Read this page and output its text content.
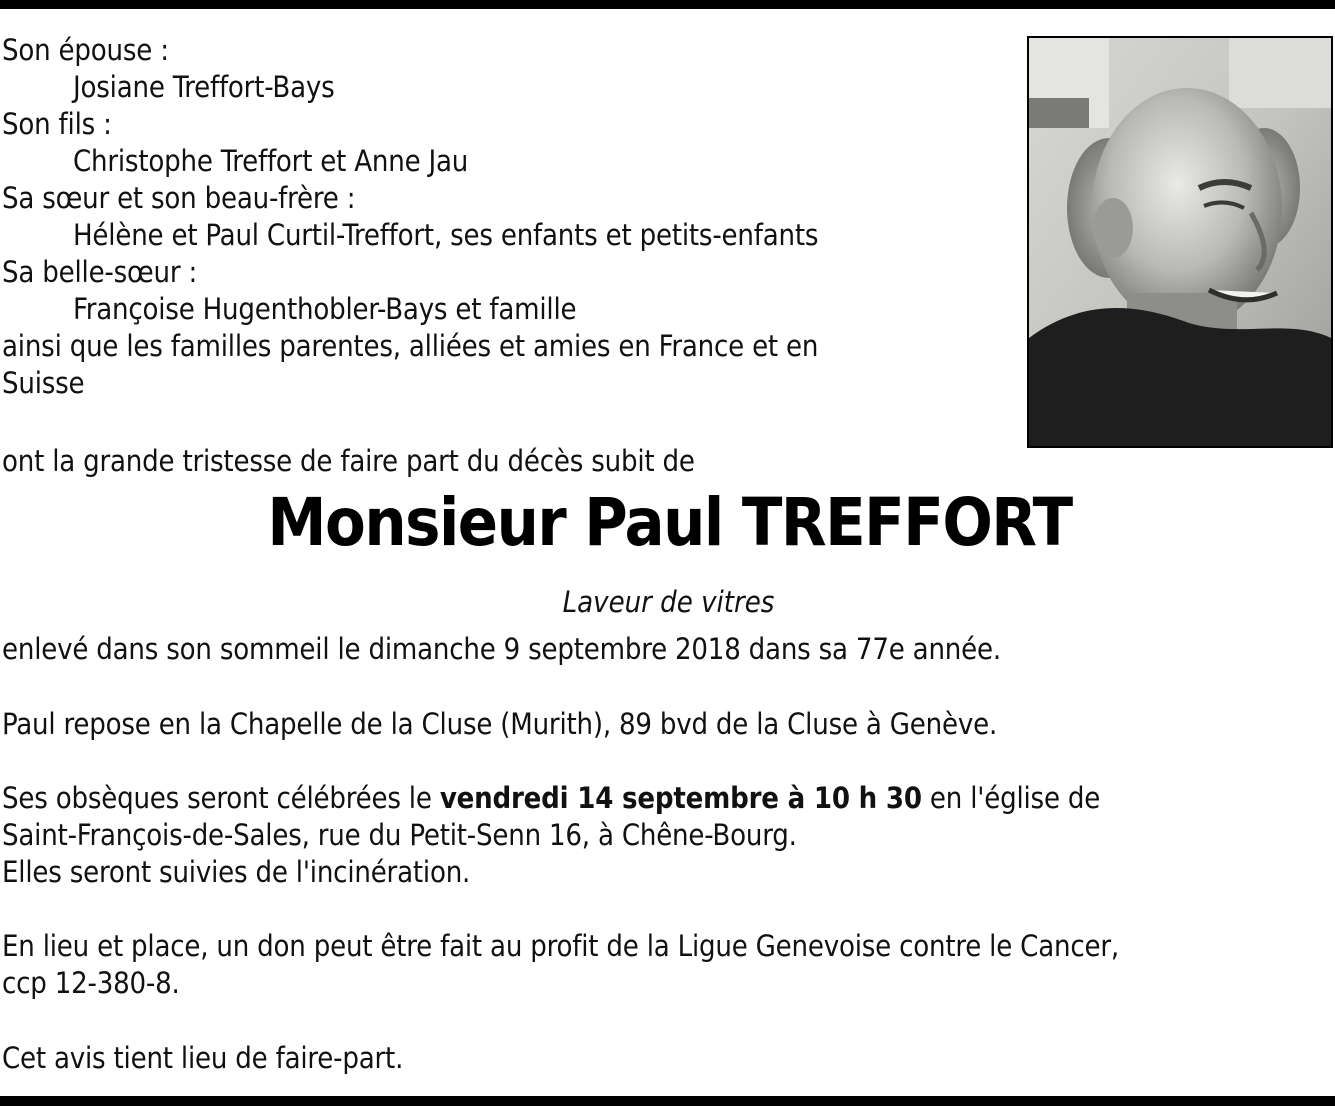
Son épouse :
Josiane Treffort-Bays
Son fils :
Christophe Treffort et Anne Jau
Sa sœur et son beau-frère :
Hélène et Paul Curtil-Treffort, ses enfants et petits-enfants
Sa belle-sœur :
Françoise Hugenthobler-Bays et famille
ainsi que les familles parentes, alliées et amies en France et en
Suisse
ont la grande tristesse de faire part du décès subit de
Monsieur Paul TREFFORT
Laveur de vitres
enlevé dans son sommeil le dimanche 9 septembre 2018 dans sa 77e année.
Paul repose en la Chapelle de la Cluse (Murith), 89 bvd de la Cluse à Genève.
Ses obsèques seront célébrées le vendredi 14 septembre à 10 h 30 en l'église de
Saint-François-de-Sales, rue du Petit-Senn 16, à Chêne-Bourg.
Elles seront suivies de l'incinération.
En lieu et place, un don peut être fait au profit de la Ligue Genevoise contre le Cancer,
ccp 12-380-8.
Cet avis tient lieu de faire-part.
